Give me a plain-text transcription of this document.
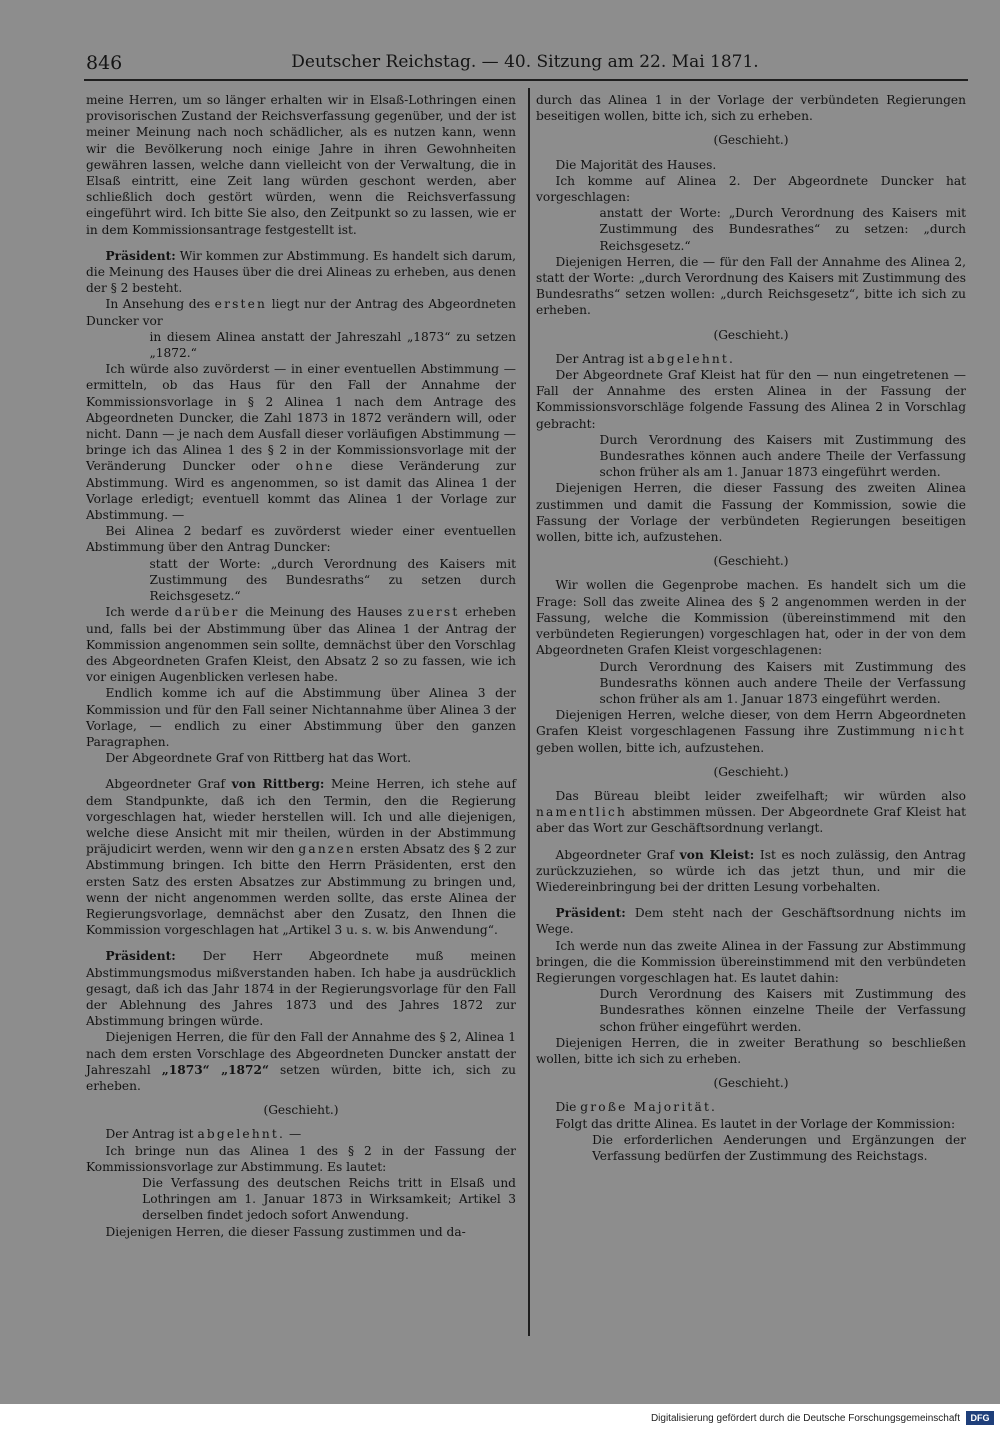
846	Deutscher Reichstag. — 40. Sitzung am 22. Mai 1871.

meine Herren, um so länger erhalten wir in Elsaß-Lothringen einen provisorischen Zustand der Reichsverfassung gegenüber, und der ist meiner Meinung nach noch schädlicher, als es nutzen kann, wenn wir die Bevölkerung noch einige Jahre in ihren Gewohnheiten gewähren lassen, welche dann vielleicht von der Verwaltung, die in Elsaß eintritt, eine Zeit lang würden geschont werden, aber schließlich doch gestört würden, wenn die Reichsverfassung eingeführt wird. Ich bitte Sie also, den Zeitpunkt so zu lassen, wie er in dem Kommissionsantrage festgestellt ist.

Präsident: Wir kommen zur Abstimmung. Es handelt sich darum, die Meinung des Hauses über die drei Alineas zu erheben, aus denen der § 2 besteht.

In Ansehung des ersten liegt nur der Antrag des Abgeordneten Duncker vor

in diesem Alinea anstatt der Jahreszahl „1873“ zu setzen „1872.“

Ich würde also zuvörderst — in einer eventuellen Abstimmung — ermitteln, ob das Haus für den Fall der Annahme der Kommissionsvorlage in § 2 Alinea 1 nach dem Antrage des Abgeordneten Duncker, die Zahl 1873 in 1872 verändern will, oder nicht. Dann — je nach dem Ausfall dieser vorläufigen Abstimmung — bringe ich das Alinea 1 des § 2 in der Kommissionsvorlage mit der Veränderung Duncker oder ohne diese Veränderung zur Abstimmung. Wird es angenommen, so ist damit das Alinea 1 der Vorlage erledigt; eventuell kommt das Alinea 1 der Vorlage zur Abstimmung. —

Bei Alinea 2 bedarf es zuvörderst wieder einer eventuellen Abstimmung über den Antrag Duncker:

statt der Worte: „durch Verordnung des Kaisers mit Zustimmung des Bundesraths“ zu setzen durch Reichsgesetz.“

Ich werde darüber die Meinung des Hauses zuerst erheben und, falls bei der Abstimmung über das Alinea 1 der Antrag der Kommission angenommen sein sollte, demnächst über den Vorschlag des Abgeordneten Grafen Kleist, den Absatz 2 so zu fassen, wie ich vor einigen Augenblicken verlesen habe.

Endlich komme ich auf die Abstimmung über Alinea 3 der Kommission und für den Fall seiner Nichtannahme über Alinea 3 der Vorlage, — endlich zu einer Abstimmung über den ganzen Paragraphen.

Der Abgeordnete Graf von Rittberg hat das Wort.

Abgeordneter Graf von Rittberg: Meine Herren, ich stehe auf dem Standpunkte, daß ich den Termin, den die Regierung vorgeschlagen hat, wieder herstellen will. Ich und alle diejenigen, welche diese Ansicht mit mir theilen, würden in der Abstimmung präjudicirt werden, wenn wir den ganzen ersten Absatz des § 2 zur Abstimmung bringen. Ich bitte den Herrn Präsidenten, erst den ersten Satz des ersten Absatzes zur Abstimmung zu bringen und, wenn der nicht angenommen werden sollte, das erste Alinea der Regierungsvorlage, demnächst aber den Zusatz, den Ihnen die Kommission vorgeschlagen hat „Artikel 3 u. s. w. bis Anwendung“.

Präsident: Der Herr Abgeordnete muß meinen Abstimmungsmodus mißverstanden haben. Ich habe ja ausdrücklich gesagt, daß ich das Jahr 1874 in der Regierungsvorlage für den Fall der Ablehnung des Jahres 1873 und des Jahres 1872 zur Abstimmung bringen würde.

Diejenigen Herren, die für den Fall der Annahme des § 2, Alinea 1 nach dem ersten Vorschlage des Abgeordneten Duncker anstatt der Jahreszahl „1873“ „1872“ setzen würden, bitte ich, sich zu erheben.

(Geschieht.)

Der Antrag ist abgelehnt. —

Ich bringe nun das Alinea 1 des § 2 in der Fassung der Kommissionsvorlage zur Abstimmung. Es lautet:

Die Verfassung des deutschen Reichs tritt in Elsaß und Lothringen am 1. Januar 1873 in Wirksamkeit; Artikel 3 derselben findet jedoch sofort Anwendung.

Diejenigen Herren, die dieser Fassung zustimmen und da-

durch das Alinea 1 in der Vorlage der verbündeten Regierungen beseitigen wollen, bitte ich, sich zu erheben.

(Geschieht.)

Die Majorität des Hauses.

Ich komme auf Alinea 2. Der Abgeordnete Duncker hat vorgeschlagen:

anstatt der Worte: „Durch Verordnung des Kaisers mit Zustimmung des Bundesrathes“ zu setzen: „durch Reichsgesetz.“

Diejenigen Herren, die — für den Fall der Annahme des Alinea 2, statt der Worte: „durch Verordnung des Kaisers mit Zustimmung des Bundesraths“ setzen wollen: „durch Reichsgesetz“, bitte ich sich zu erheben.

(Geschieht.)

Der Antrag ist abgelehnt.

Der Abgeordnete Graf Kleist hat für den — nun eingetretenen — Fall der Annahme des ersten Alinea in der Fassung der Kommissionsvorschläge folgende Fassung des Alinea 2 in Vorschlag gebracht:

Durch Verordnung des Kaisers mit Zustimmung des Bundesrathes können auch andere Theile der Verfassung schon früher als am 1. Januar 1873 eingeführt werden.

Diejenigen Herren, die dieser Fassung des zweiten Alinea zustimmen und damit die Fassung der Kommission, sowie die Fassung der Vorlage der verbündeten Regierungen beseitigen wollen, bitte ich, aufzustehen.

(Geschieht.)

Wir wollen die Gegenprobe machen. Es handelt sich um die Frage: Soll das zweite Alinea des § 2 angenommen werden in der Fassung, welche die Kommission (übereinstimmend mit den verbündeten Regierungen) vorgeschlagen hat, oder in der von dem Abgeordneten Grafen Kleist vorgeschlagenen:

Durch Verordnung des Kaisers mit Zustimmung des Bundesraths können auch andere Theile der Verfassung schon früher als am 1. Januar 1873 eingeführt werden.

Diejenigen Herren, welche dieser, von dem Herrn Abgeordneten Grafen Kleist vorgeschlagenen Fassung ihre Zustimmung nicht geben wollen, bitte ich, aufzustehen.

(Geschieht.)

Das Büreau bleibt leider zweifelhaft; wir würden also namentlich abstimmen müssen. Der Abgeordnete Graf Kleist hat aber das Wort zur Geschäftsordnung verlangt.

Abgeordneter Graf von Kleist: Ist es noch zulässig, den Antrag zurückzuziehen, so würde ich das jetzt thun, und mir die Wiedereinbringung bei der dritten Lesung vorbehalten.

Präsident: Dem steht nach der Geschäftsordnung nichts im Wege.

Ich werde nun das zweite Alinea in der Fassung zur Abstimmung bringen, die die Kommission übereinstimmend mit den verbündeten Regierungen vorgeschlagen hat. Es lautet dahin:

Durch Verordnung des Kaisers mit Zustimmung des Bundesrathes können einzelne Theile der Verfassung schon früher eingeführt werden.

Diejenigen Herren, die in zweiter Berathung so beschließen wollen, bitte ich sich zu erheben.

(Geschieht.)

Die große Majorität.

Folgt das dritte Alinea. Es lautet in der Vorlage der Kommission:

Die erforderlichen Aenderungen und Ergänzungen der Verfassung bedürfen der Zustimmung des Reichstags.

Digitalisierung gefördert durch die Deutsche Forschungsgemeinschaft	DFG
